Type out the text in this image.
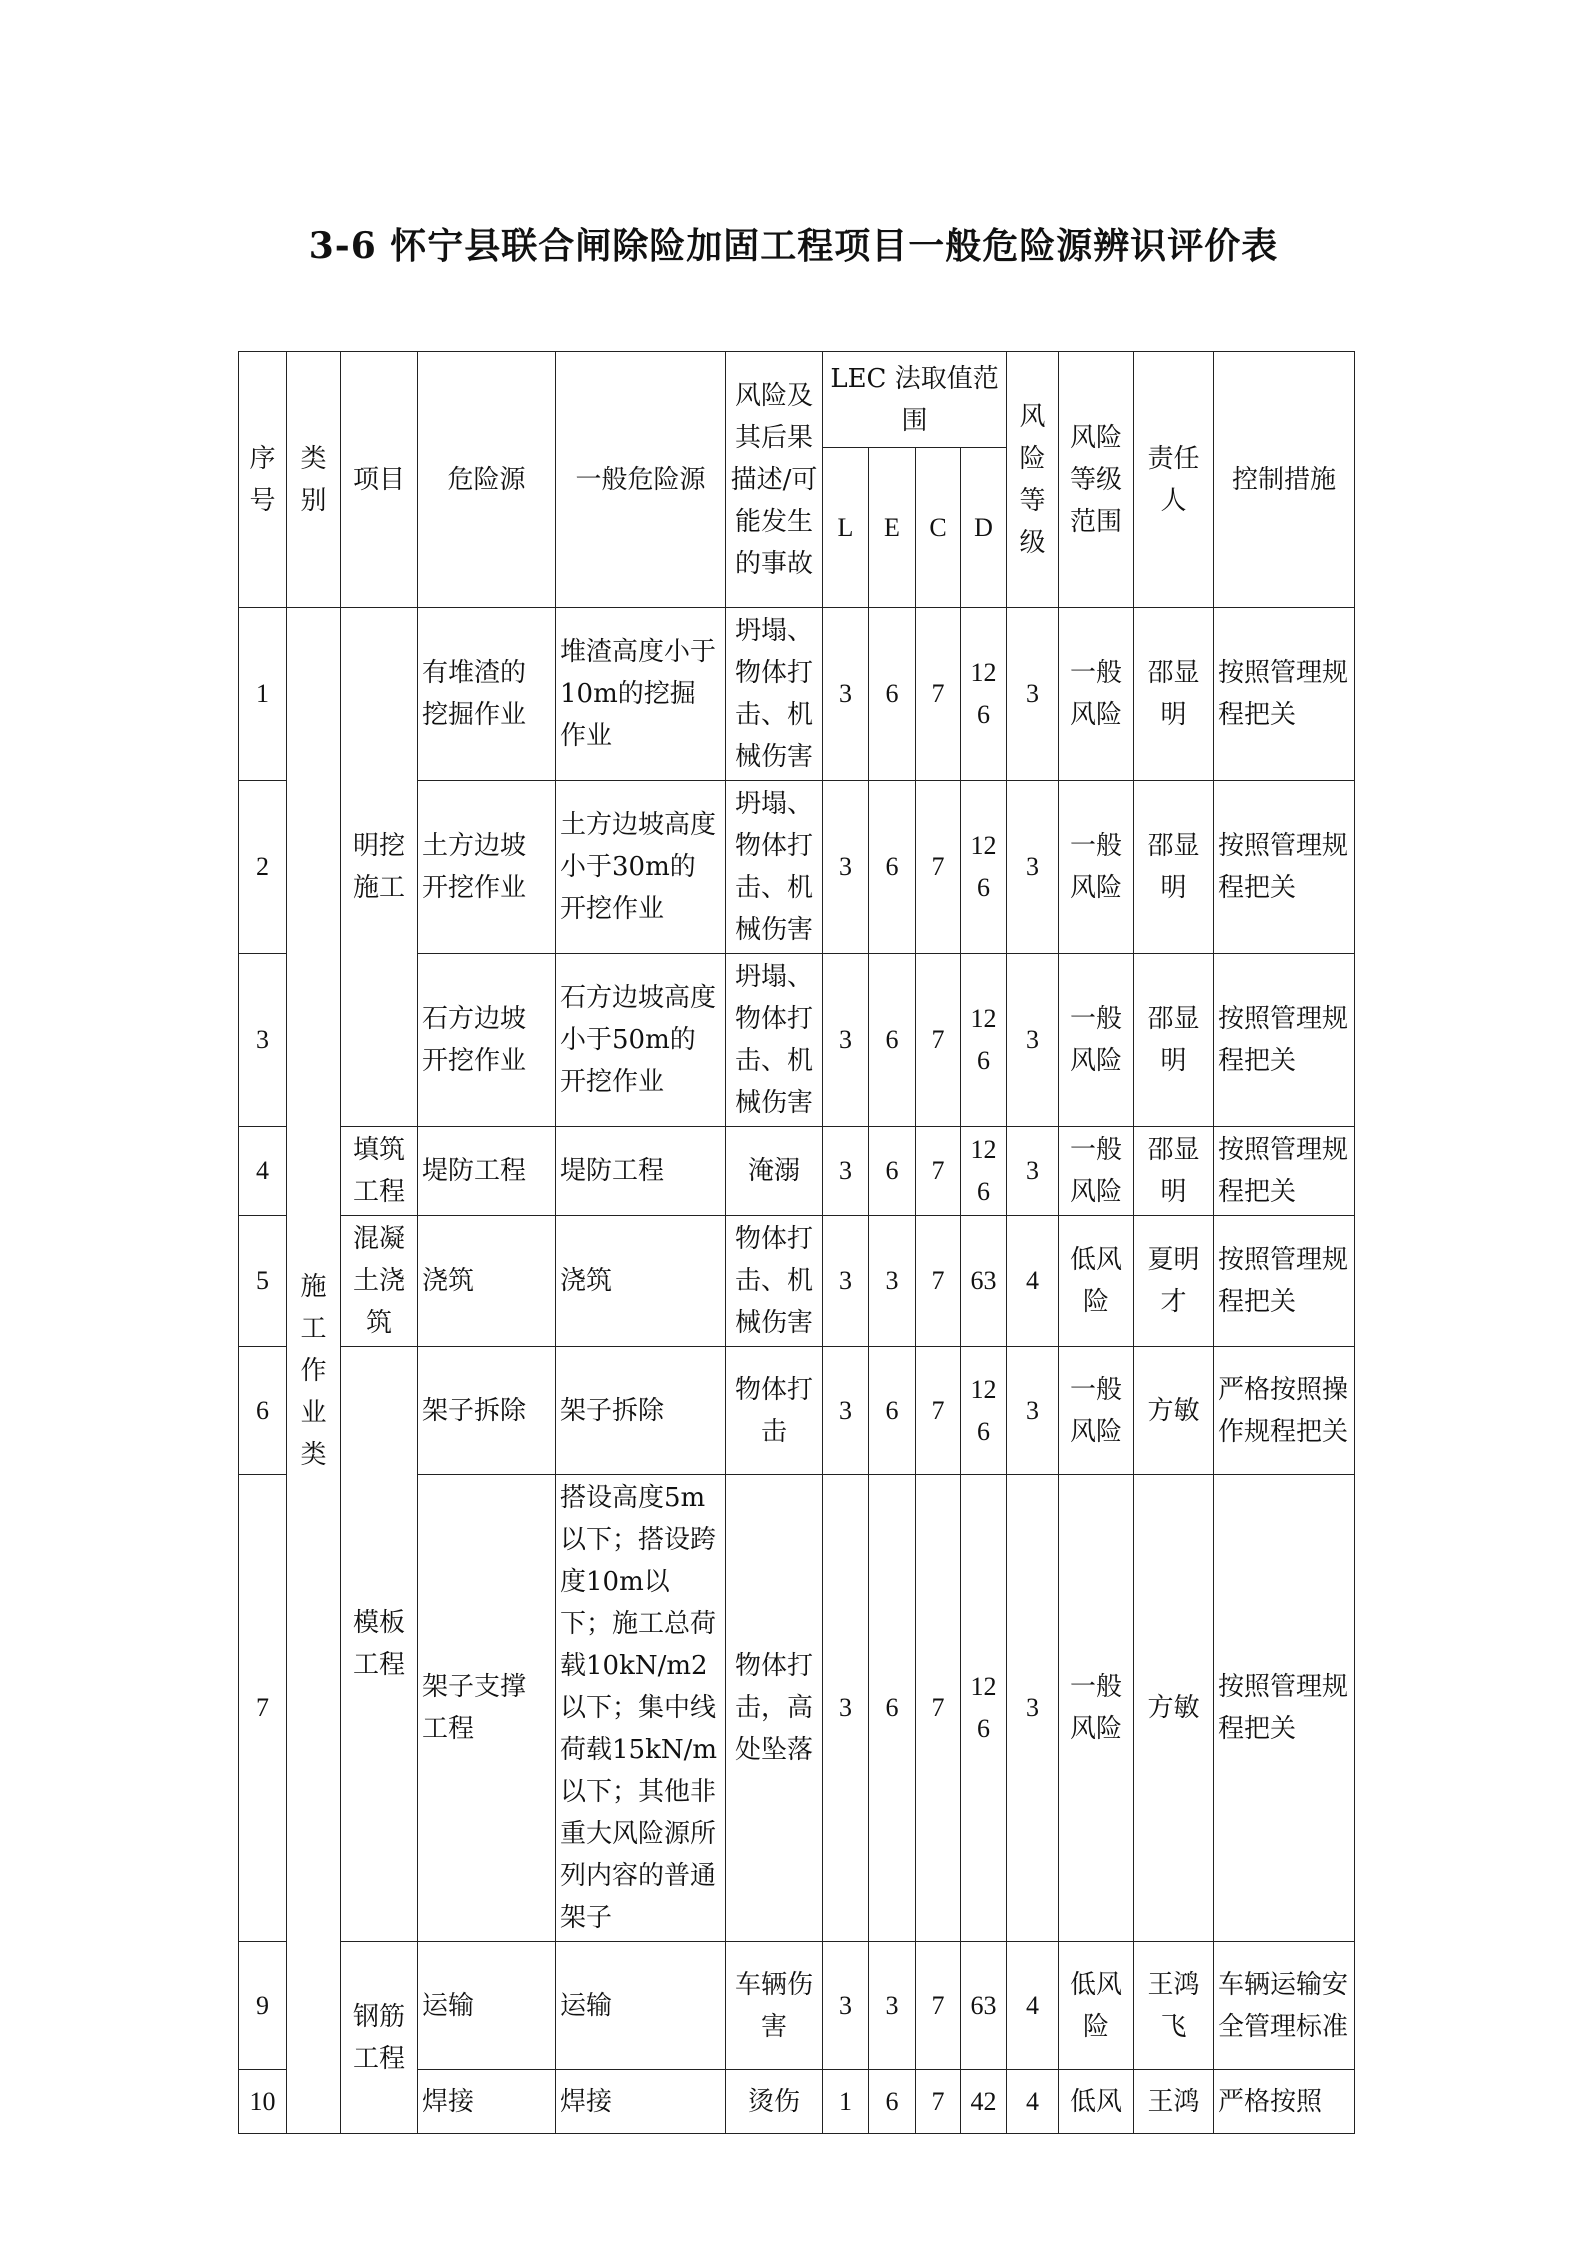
3-6 怀宁县联合闸除险加固工程项目一般危险源辨识评价表
序号	类别	项目	危险源	一般危险源	风险及其后果描述/可能发生的事故	LEC 法取值范围				风险等级	风险等级范围	责任人	控制措施
						L	E	C	D				
1	施工作业类	明挖施工	有堆渣的挖掘作业	堆渣高度小于10m的挖掘作业	坍塌、物体打击、机械伤害	3	6	7	126	3	一般风险	邵显明	按照管理规程把关
2			土方边坡开挖作业	土方边坡高度小于30m的开挖作业	坍塌、物体打击、机械伤害	3	6	7	126	3	一般风险	邵显明	按照管理规程把关
3			石方边坡开挖作业	石方边坡高度小于50m的开挖作业	坍塌、物体打击、机械伤害	3	6	7	126	3	一般风险	邵显明	按照管理规程把关
4		填筑工程	堤防工程	堤防工程	淹溺	3	6	7	126	3	一般风险	邵显明	按照管理规程把关
5		混凝土浇筑	浇筑	浇筑	物体打击、机械伤害	3	3	7	63	4	低风险	夏明才	按照管理规程把关
6		模板工程	架子拆除	架子拆除	物体打击	3	6	7	126	3	一般风险	方敏	严格按照操作规程把关
7			架子支撑工程	搭设高度5m以下；搭设跨度10m以下；施工总荷载10kN/m2以下；集中线荷载15kN/m以下；其他非重大风险源所列内容的普通架子	物体打击，高处坠落	3	6	7	126	3	一般风险	方敏	按照管理规程把关
9		钢筋工程	运输	运输	车辆伤害	3	3	7	63	4	低风险	王鸿飞	车辆运输安全管理标准
10			焊接	焊接	烫伤	1	6	7	42	4	低风	王鸿	严格按照
